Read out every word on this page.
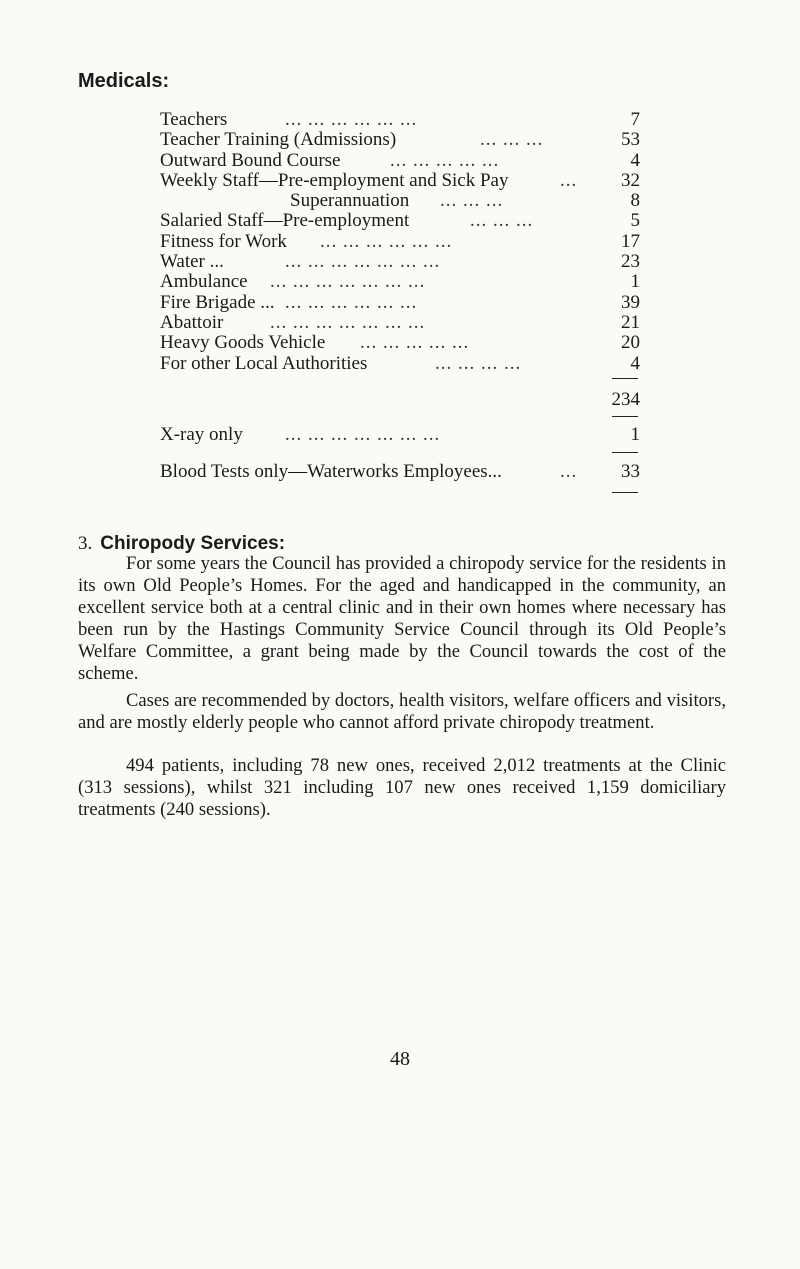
Medicals:
Teachers	... ... ... ... ... ...	7
Teacher Training (Admissions)	... ... ...	53
Outward Bound Course	... ... ... ... ...	4
Weekly Staff—Pre-employment and Sick Pay	...	32
Superannuation ... ... ...	8
Salaried Staff—Pre-employment	... ... ...	5
Fitness for Work ... ... ... ... ... ...	17
Water ...	... ... ... ... ... ... ...	23
Ambulance ... ... ... ... ... ... ...	1
Fire Brigade ... ... ... ... ... ... ...	39
Abattoir ... ... ... ... ... ... ...	21
Heavy Goods Vehicle ... ... ... ... ...	20
For other Local Authorities	... ... ... ...	4
234
X-ray only ... ... ... ... ... ... ...	1
Blood Tests only—Waterworks Employees...	...	33
3. Chiropody Services:

For some years the Council has provided a chiropody service for the residents in its own Old People’s Homes. For the aged and handicapped in the community, an excellent service both at a central clinic and in their own homes where necessary has been run by the Hastings Community Service Council through its Old People’s Welfare Committee, a grant being made by the Council towards the cost of the scheme.

Cases are recommended by doctors, health visitors, welfare officers and visitors, and are mostly elderly people who cannot afford private chiropody treatment.

494 patients, including 78 new ones, received 2,012 treatments at the Clinic (313 sessions), whilst 321 including 107 new ones received 1,159 domiciliary treatments (240 sessions).

48
